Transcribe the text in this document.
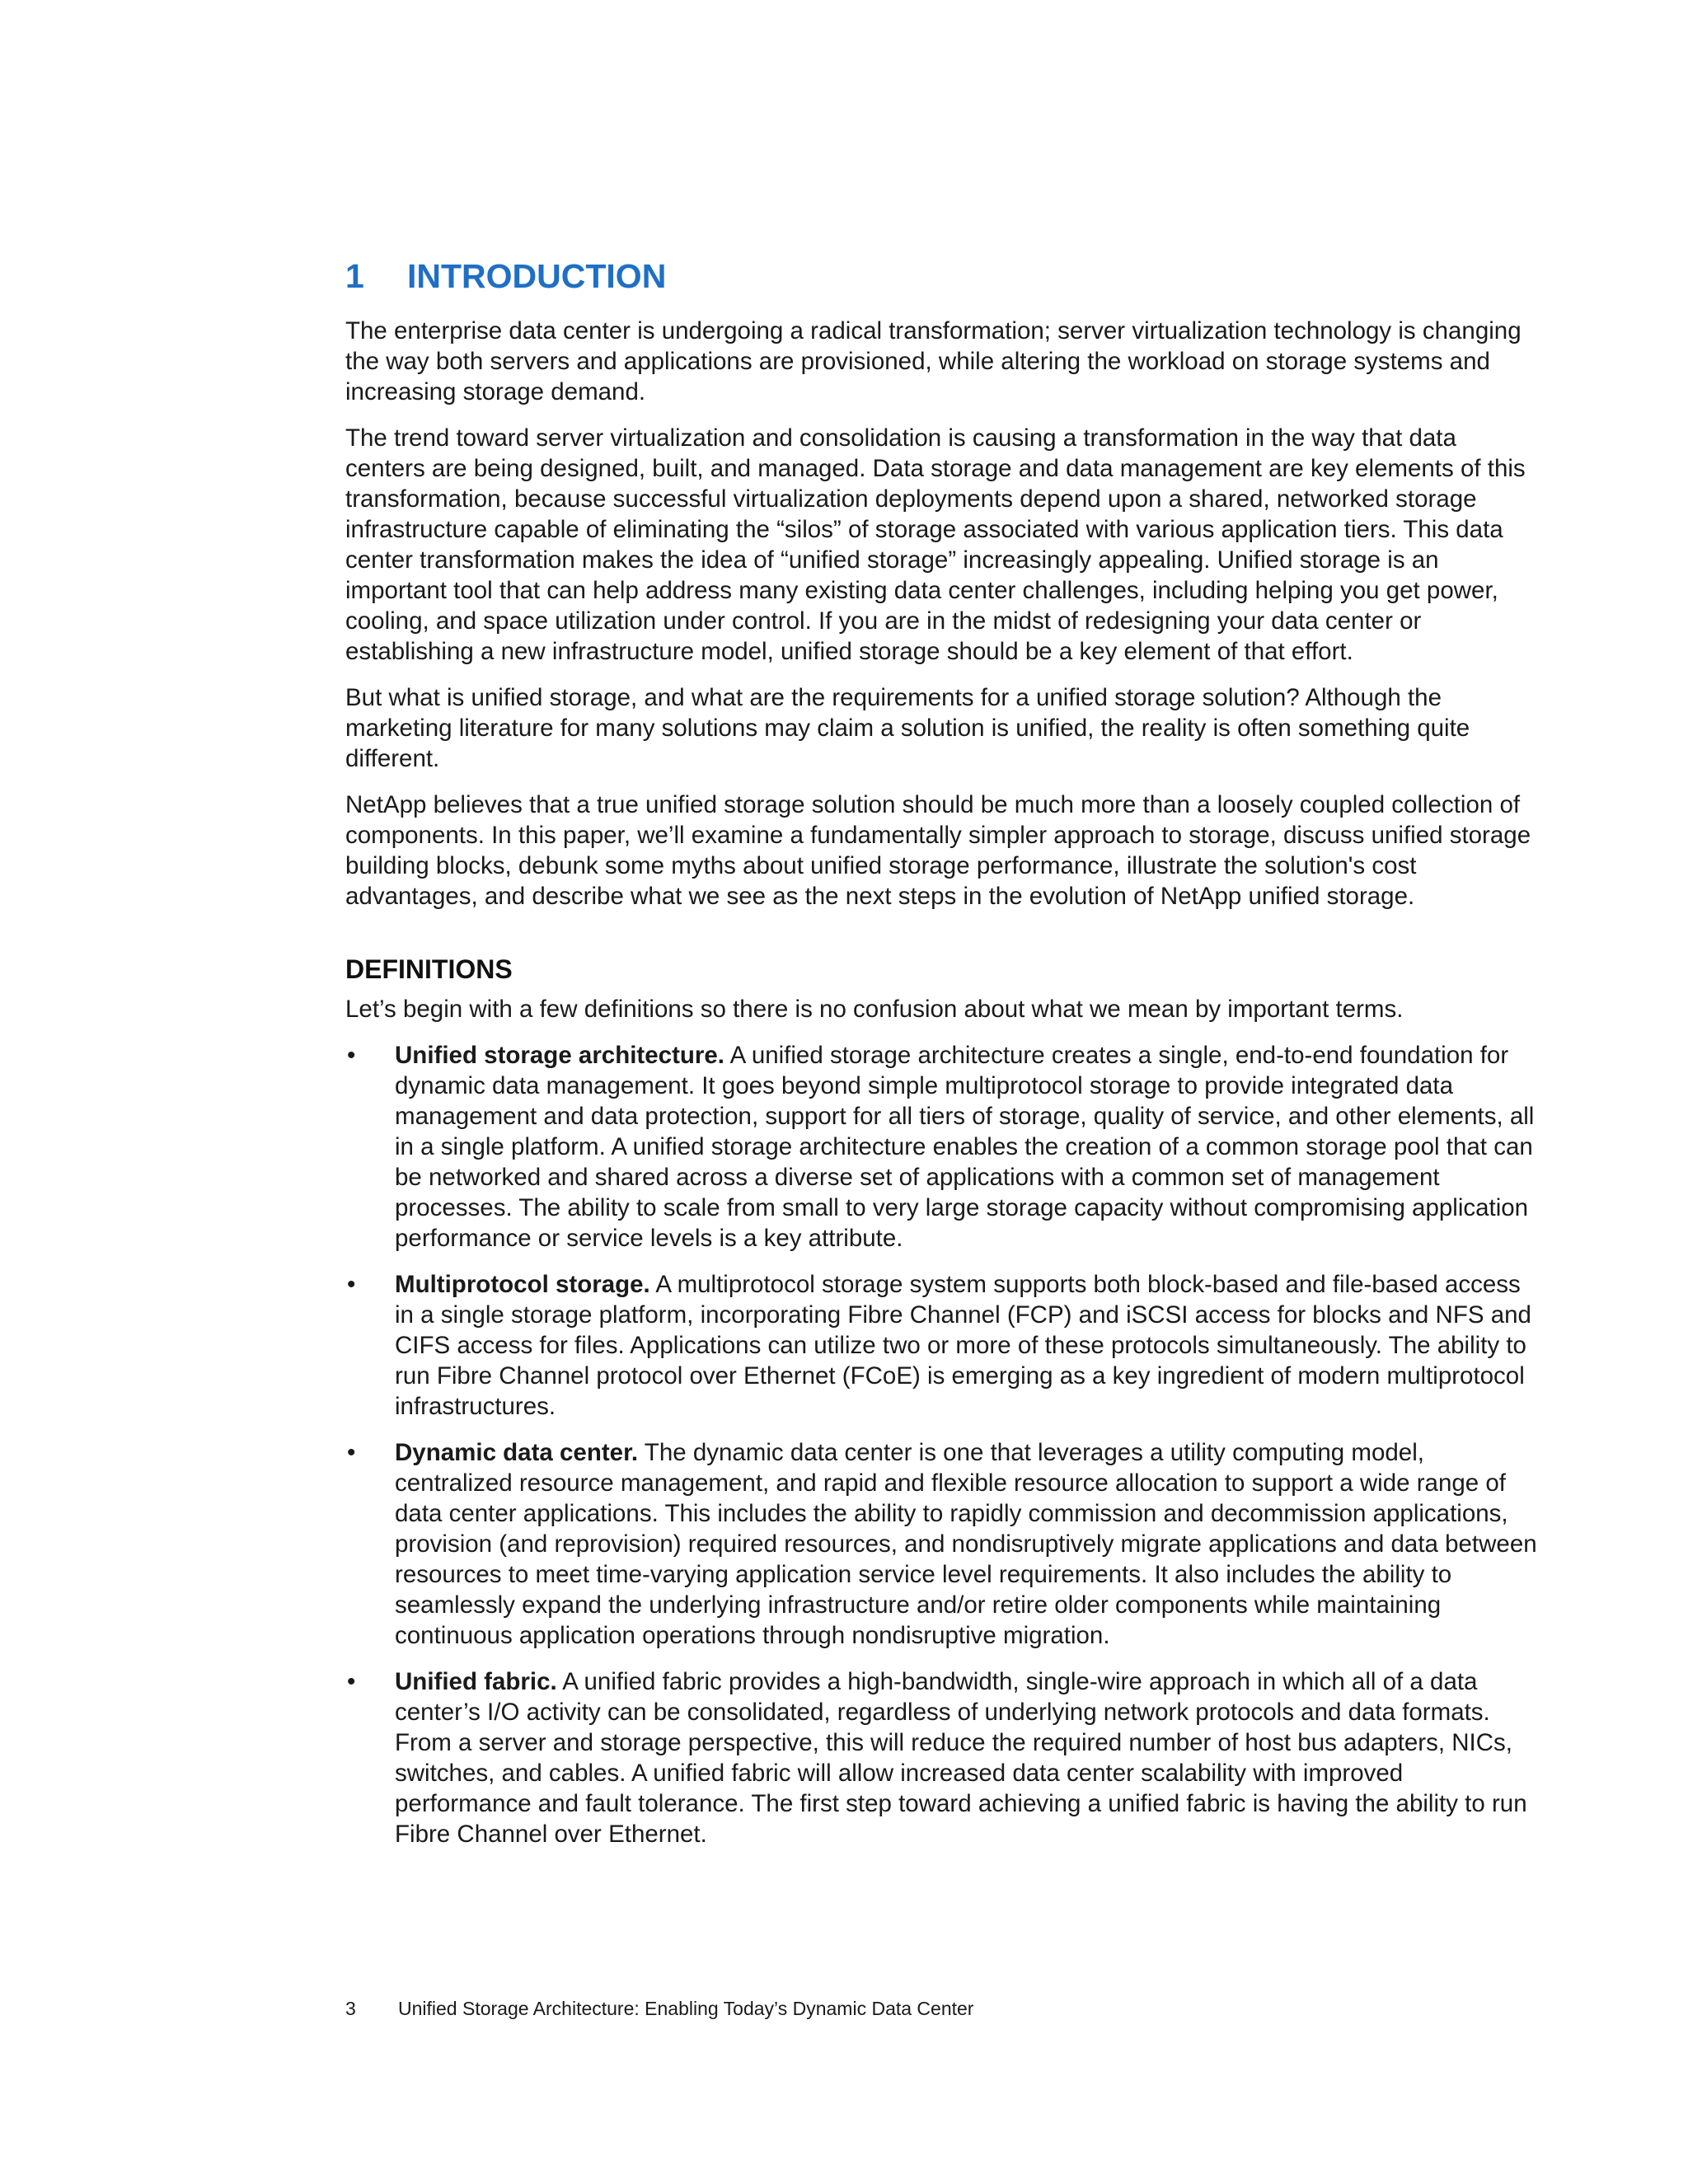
1	INTRODUCTION

The enterprise data center is undergoing a radical transformation; server virtualization technology is changing the way both servers and applications are provisioned, while altering the workload on storage systems and increasing storage demand.

The trend toward server virtualization and consolidation is causing a transformation in the way that data centers are being designed, built, and managed. Data storage and data management are key elements of this transformation, because successful virtualization deployments depend upon a shared, networked storage infrastructure capable of eliminating the “silos” of storage associated with various application tiers. This data center transformation makes the idea of “unified storage” increasingly appealing. Unified storage is an important tool that can help address many existing data center challenges, including helping you get power, cooling, and space utilization under control. If you are in the midst of redesigning your data center or establishing a new infrastructure model, unified storage should be a key element of that effort.

But what is unified storage, and what are the requirements for a unified storage solution? Although the marketing literature for many solutions may claim a solution is unified, the reality is often something quite different.

NetApp believes that a true unified storage solution should be much more than a loosely coupled collection of components. In this paper, we’ll examine a fundamentally simpler approach to storage, discuss unified storage building blocks, debunk some myths about unified storage performance, illustrate the solution's cost advantages, and describe what we see as the next steps in the evolution of NetApp unified storage.

DEFINITIONS

Let’s begin with a few definitions so there is no confusion about what we mean by important terms.

•	Unified storage architecture. A unified storage architecture creates a single, end-to-end foundation for dynamic data management. It goes beyond simple multiprotocol storage to provide integrated data management and data protection, support for all tiers of storage, quality of service, and other elements, all in a single platform. A unified storage architecture enables the creation of a common storage pool that can be networked and shared across a diverse set of applications with a common set of management processes. The ability to scale from small to very large storage capacity without compromising application performance or service levels is a key attribute.
•	Multiprotocol storage. A multiprotocol storage system supports both block-based and file-based access in a single storage platform, incorporating Fibre Channel (FCP) and iSCSI access for blocks and NFS and CIFS access for files. Applications can utilize two or more of these protocols simultaneously. The ability to run Fibre Channel protocol over Ethernet (FCoE) is emerging as a key ingredient of modern multiprotocol infrastructures.
•	Dynamic data center. The dynamic data center is one that leverages a utility computing model, centralized resource management, and rapid and flexible resource allocation to support a wide range of data center applications. This includes the ability to rapidly commission and decommission applications, provision (and reprovision) required resources, and nondisruptively migrate applications and data between resources to meet time-varying application service level requirements. It also includes the ability to seamlessly expand the underlying infrastructure and/or retire older components while maintaining continuous application operations through nondisruptive migration.
•	Unified fabric. A unified fabric provides a high-bandwidth, single-wire approach in which all of a data center’s I/O activity can be consolidated, regardless of underlying network protocols and data formats. From a server and storage perspective, this will reduce the required number of host bus adapters, NICs, switches, and cables. A unified fabric will allow increased data center scalability with improved performance and fault tolerance. The first step toward achieving a unified fabric is having the ability to run Fibre Channel over Ethernet.
3	Unified Storage Architecture: Enabling Today’s Dynamic Data Center
